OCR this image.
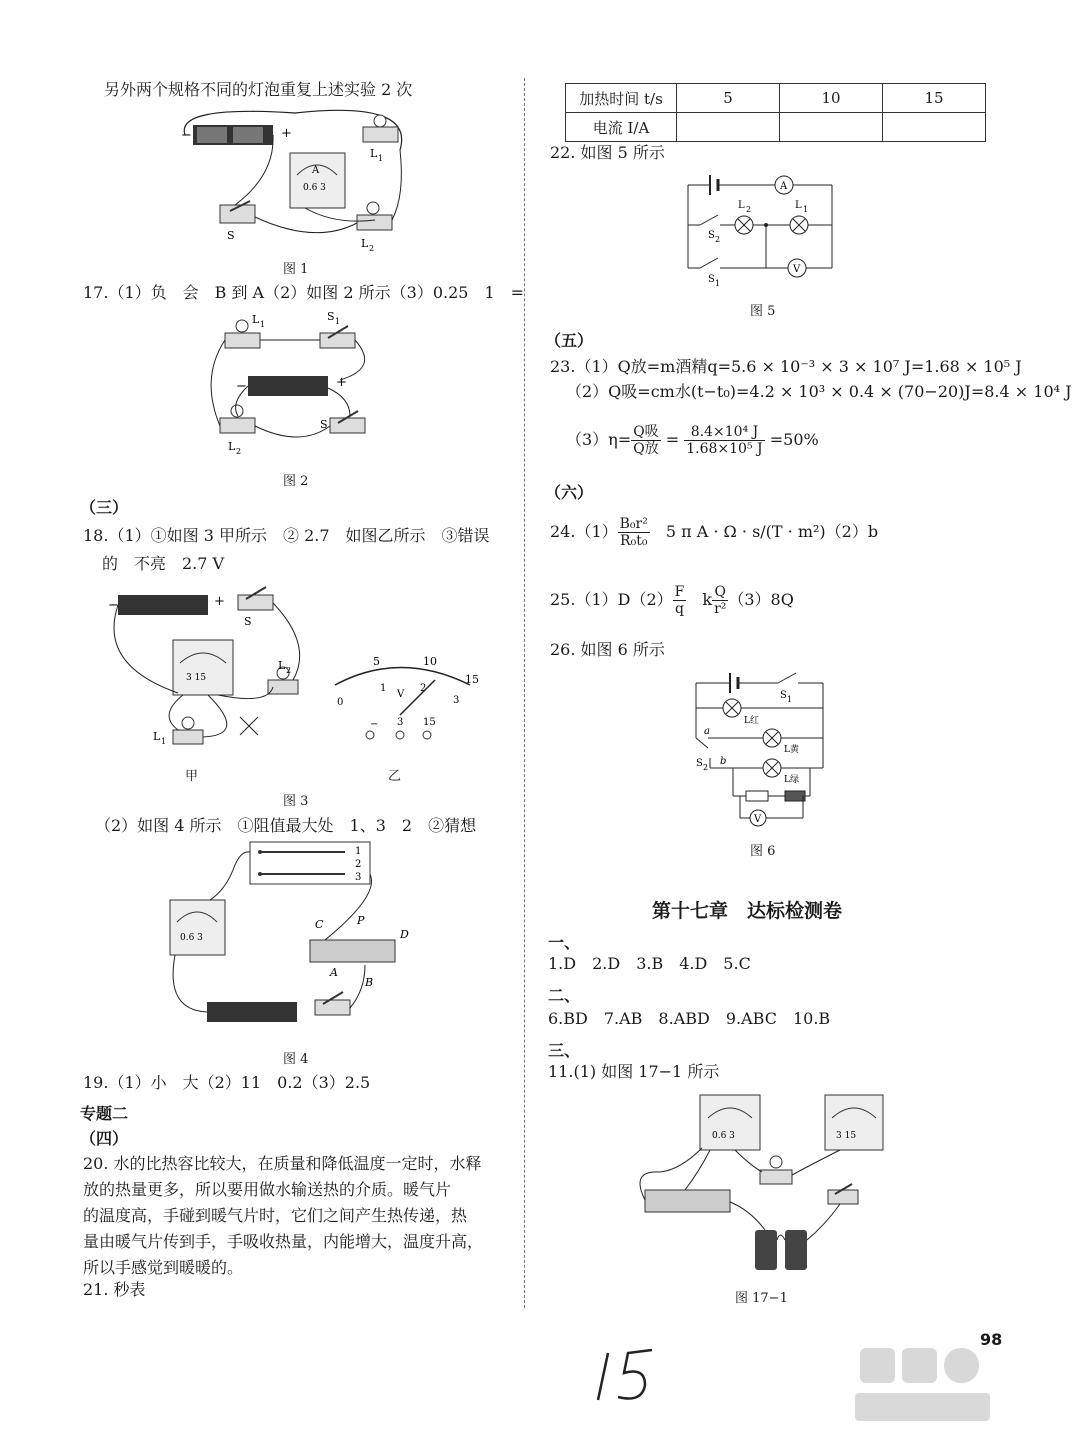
另外两个规格不同的灯泡重复上述实验 2 次
−	+
L 1
A
0.6 3
S
L 2
图 1
17.（1）负　会　B 到 A（2）如图 2 所示（3）0.25　1　=
L 1
S 1
−	+
L 2
S
图 2
（三）
18.（1）①如图 3 甲所示　② 2.7　如图乙所示　③错误
的　不亮　2.7 V
−	+
S
3 15
L 2
L 1
甲
5	10
15
0
1	2
3
V
− 3 15
乙
图 3
（2）如图 4 所示　①阻值最大处　1、3　2　②猜想
1
2
3
0.6 3
C	P
D
A
B
图 4
19.（1）小　大（2）11　0.2（3）2.5
专题二
（四）
20. 水的比热容比较大，在质量和降低温度一定时，水释
放的热量更多，所以要用做水输送热的介质。暖气片
的温度高，手碰到暖气片时，它们之间产生热传递，热
量由暖气片传到手，手吸收热量，内能增大，温度升高，
所以手感觉到暖暖的。
21. 秒表
加热时间 t/s	5	10	15
电流 I/A			
22. 如图 5 所示
A
S 2
L 2	L 1
S 1
V
图 5
（五）
23.（1）Q放=m酒精q=5.6 × 10⁻³ × 3 × 10⁷ J=1.68 × 10⁵ J
（2）Q吸=cm水(t−t₀)=4.2 × 10³ × 0.4 × (70−20)J=8.4 × 10⁴ J
$(3)\eta= \frac{\text{Q吸}}{\text{Q放}} = \frac{\text{8.4×10⁴ J}}{\text{1.68×10⁵ J}} =50\%$
（六）
$24.(1) \frac{\text{B₀r²}}{\text{R₀t₀}}$ 　5 π A · Ω · s/(T · m²)（2）b
$25.(1)D(2) \frac{F}{q}$ 　k $\frac{Q}{\text{r²}} (3)8Q$
26. 如图 6 所示
S 1
L红
a
L黄
S 2
b
L绿
V
图 6
第十七章　达标检测卷
一、
1.D　2.D　3.B　4.D　5.C
二、
6.BD　7.AB　8.ABD　9.ABC　10.B
三、
11.(1) 如图 17−1 所示
0.6 3	3 15
图 17−1
98
